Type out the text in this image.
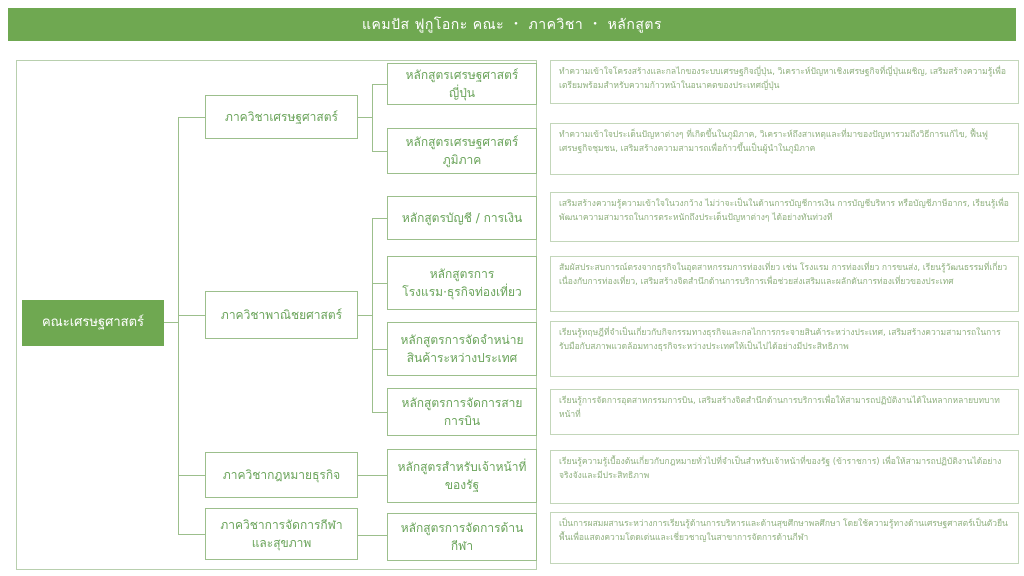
แคมปัส ฟูกูโอกะ คณะ ・ ภาควิชา ・ หลักสูตร
คณะเศรษฐศาสตร์
ภาควิชาเศรษฐศาสตร์
ภาควิชาพาณิชยศาสตร์
ภาควิชากฎหมายธุรกิจ
ภาควิชาการจัดการกีฬาและสุขภาพ
หลักสูตรเศรษฐศาสตร์ญี่ปุ่น
หลักสูตรเศรษฐศาสตร์ภูมิภาค
หลักสูตรบัญชี / การเงิน
หลักสูตรการโรงแรม·ธุรกิจท่องเที่ยว
หลักสูตรการจัดจำหน่ายสินค้าระหว่างประเทศ
หลักสูตรการจัดการสายการบิน
หลักสูตรสำหรับเจ้าหน้าที่ของรัฐ
หลักสูตรการจัดการด้านกีฬา
ทำความเข้าใจโครงสร้างและกลไกของระบบเศรษฐกิจญี่ปุ่น, วิเคราะห์ปัญหาเชิงเศรษฐกิจที่ญี่ปุ่นเผชิญ, เสริมสร้างความรู้เพื่อเตรียมพร้อมสำหรับความก้าวหน้าในอนาคตของประเทศญี่ปุ่น
ทำความเข้าใจประเด็นปัญหาต่างๆ ที่เกิดขึ้นในภูมิภาค, วิเคราะห์ถึงสาเหตุและที่มาของปัญหารวมถึงวิธีการแก้ไข, ฟื้นฟูเศรษฐกิจชุมชน, เสริมสร้างความสามารถเพื่อก้าวขึ้นเป็นผู้นำในภูมิภาค
เสริมสร้างความรู้ความเข้าใจในวงกว้าง ไม่ว่าจะเป็นในด้านการบัญชีการเงิน การบัญชีบริหาร หรือบัญชีภาษีอากร, เรียนรู้เพื่อพัฒนาความสามารถในการตระหนักถึงประเด็นปัญหาต่างๆ ได้อย่างทันท่วงที
สัมผัสประสบการณ์ตรงจากธุรกิจในอุตสาหกรรมการท่องเที่ยว เช่น โรงแรม การท่องเที่ยว การขนส่ง, เรียนรู้วัฒนธรรมที่เกี่ยวเนื่องกับการท่องเที่ยว, เสริมสร้างจิตสำนึกด้านการบริการเพื่อช่วยส่งเสริมและผลักดันการท่องเที่ยวของประเทศ
เรียนรู้ทฤษฎีที่จำเป็นเกี่ยวกับกิจกรรมทางธุรกิจและกลไกการกระจายสินค้าระหว่างประเทศ, เสริมสร้างความสามารถในการรับมือกับสภาพแวดล้อมทางธุรกิจระหว่างประเทศให้เป็นไปได้อย่างมีประสิทธิภาพ
เรียนรู้การจัดการอุตสาหกรรมการบิน, เสริมสร้างจิตสำนึกด้านการบริการเพื่อให้สามารถปฏิบัติงานได้ในหลากหลายบทบาทหน้าที่
เรียนรู้ความรู้เบื้องต้นเกี่ยวกับกฎหมายทั่วไปที่จำเป็นสำหรับเจ้าหน้าที่ของรัฐ (ข้าราชการ) เพื่อให้สามารถปฏิบัติงานได้อย่างจริงจังและมีประสิทธิภาพ
เป็นการผสมผสานระหว่างการเรียนรู้ด้านการบริหารและด้านสุขศึกษาพลศึกษา โดยใช้ความรู้ทางด้านเศรษฐศาสตร์เป็นตัวยืนพื้นเพื่อแสดงความโดดเด่นและเชี่ยวชาญในสาขาการจัดการด้านกีฬา
